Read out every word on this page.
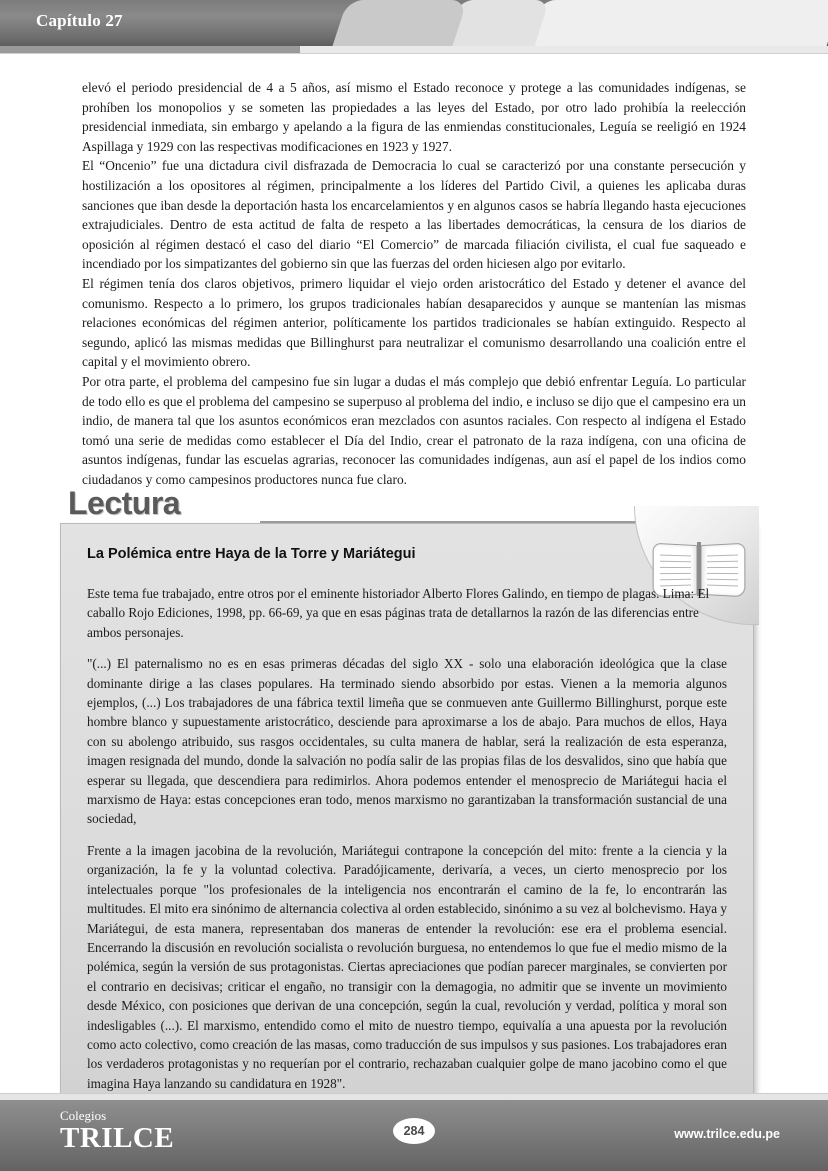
Capítulo 27

elevó el periodo presidencial de 4 a 5 años, así mismo el Estado reconoce y protege a las comunidades indígenas, se prohíben los monopolios y se someten las propiedades a las leyes del Estado, por otro lado prohibía la reelección presidencial inmediata, sin embargo y apelando a la figura de las enmiendas constitucionales, Leguía se reeligió en 1924 Aspillaga y 1929 con las respectivas modificaciones en 1923 y 1927.

El “Oncenio” fue una dictadura civil disfrazada de Democracia lo cual se caracterizó por una constante persecución y hostilización a los opositores al régimen, principalmente a los líderes del Partido Civil, a quienes les aplicaba duras sanciones que iban desde la deportación hasta los encarcelamientos y en algunos casos se habría llegando hasta ejecuciones extrajudiciales. Dentro de esta actitud de falta de respeto a las libertades democráticas, la censura de los diarios de oposición al régimen destacó el caso del diario “El Comercio” de marcada filiación civilista, el cual fue saqueado e incendiado por los simpatizantes del gobierno sin que las fuerzas del orden hiciesen algo por evitarlo.

El régimen tenía dos claros objetivos, primero liquidar el viejo orden aristocrático del Estado y detener el avance del comunismo. Respecto a lo primero, los grupos tradicionales habían desaparecidos y aunque se mantenían las mismas relaciones económicas del régimen anterior, políticamente los partidos tradicionales se habían extinguido. Respecto al segundo, aplicó las mismas medidas que Billinghurst para neutralizar el comunismo desarrollando una coalición entre el capital y el movimiento obrero.

Por otra parte, el problema del campesino fue sin lugar a dudas el más complejo que debió enfrentar Leguía. Lo particular de todo ello es que el problema del campesino se superpuso al problema del indio, e incluso se dijo que el campesino era un indio, de manera tal que los asuntos económicos eran mezclados con asuntos raciales. Con respecto al indígena el Estado tomó una serie de medidas como establecer el Día del Indio, crear el patronato de la raza indígena, con una oficina de asuntos indígenas, fundar las escuelas agrarias, reconocer las comunidades indígenas, aun así el papel de los indios como ciudadanos y como campesinos productores nunca fue claro.

Lectura
La Polémica entre Haya de la Torre y Mariátegui

Este tema fue trabajado, entre otros por el eminente historiador Alberto Flores Galindo, en tiempo de plagas. Lima: El caballo Rojo Ediciones, 1998, pp. 66-69, ya que en esas páginas trata de detallarnos la razón de las diferencias entre ambos personajes.

"(...) El paternalismo no es en esas primeras décadas del siglo XX - solo una elaboración ideológica que la clase dominante dirige a las clases populares. Ha terminado siendo absorbido por estas. Vienen a la memoria algunos ejemplos, (...) Los trabajadores de una fábrica textil limeña que se conmueven ante Guillermo Billinghurst, porque este hombre blanco y supuestamente aristocrático, desciende para aproximarse a los de abajo. Para muchos de ellos, Haya con su abolengo atribuido, sus rasgos occidentales, su culta manera de hablar, será la realización de esta esperanza, imagen resignada del mundo, donde la salvación no podía salir de las propias filas de los desvalidos, sino que había que esperar su llegada, que descendiera para redimirlos. Ahora podemos entender el menosprecio de Mariátegui hacia el marxismo de Haya: estas concepciones eran todo, menos marxismo no garantizaban la transformación sustancial de una sociedad,

Frente a la imagen jacobina de la revolución, Mariátegui contrapone la concepción del mito: frente a la ciencia y la organización, la fe y la voluntad colectiva. Paradójicamente, derivaría, a veces, un cierto menosprecio por los intelectuales porque "los profesionales de la inteligencia nos encontrarán el camino de la fe, lo encontrarán las multitudes. El mito era sinónimo de alternancia colectiva al orden establecido, sinónimo a su vez al bolchevismo. Haya y Mariátegui, de esta manera, representaban dos maneras de entender la revolución: ese era el problema esencial. Encerrando la discusión en revolución socialista o revolución burguesa, no entendemos lo que fue el medio mismo de la polémica, según la versión de sus protagonistas. Ciertas apreciaciones que podían parecer marginales, se convierten por el contrario en decisivas; criticar el engaño, no transigir con la demagogia, no admitir que se invente un movimiento desde México, con posiciones que derivan de una concepción, según la cual, revolución y verdad, política y moral son indesligables (...). El marxismo, entendido como el mito de nuestro tiempo, equivalía a una apuesta por la revolución como acto colectivo, como creación de las masas, como traducción de sus impulsos y sus pasiones. Los trabajadores eran los verdaderos protagonistas y no requerían por el contrario, rechazaban cualquier golpe de mano jacobino como el que imagina Haya lanzando su candidatura en 1928".

Colegios
TRILCE	284	www.trilce.edu.pe
